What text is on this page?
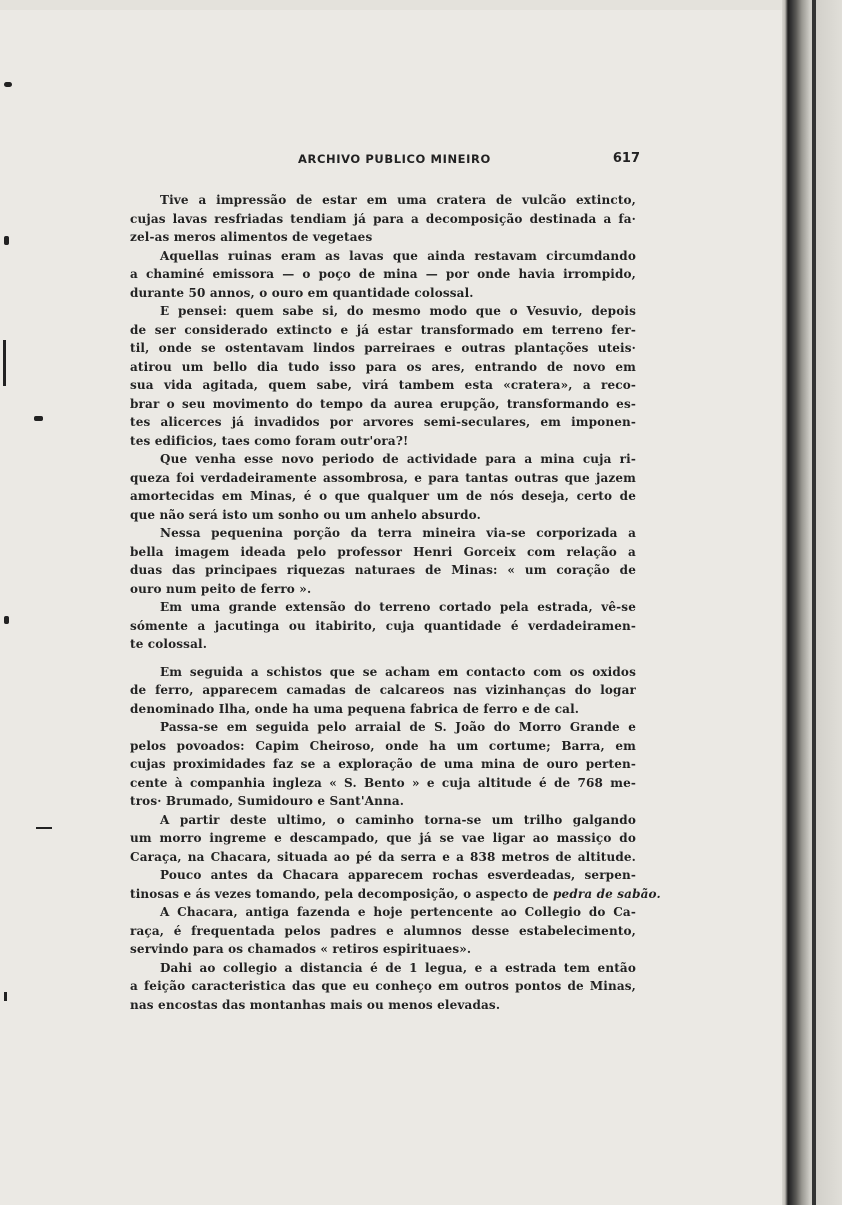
ARCHIVO PUBLICO MINEIRO	617
Tive a impressão de estar em uma cratera de vulcão extincto,
cujas lavas resfriadas tendiam já para a decomposição destinada a fa·
zel-as meros alimentos de vegetaes
Aquellas ruinas eram as lavas que ainda restavam circumdando
a chaminé emissora — o poço de mina — por onde havia irrompido,
durante 50 annos, o ouro em quantidade colossal.
E pensei: quem sabe si, do mesmo modo que o Vesuvio, depois
de ser considerado extincto e já estar transformado em terreno fer-
til, onde se ostentavam lindos parreiraes e outras plantações uteis·
atirou um bello dia tudo isso para os ares, entrando de novo em
sua vida agitada, quem sabe, virá tambem esta «cratera», a reco-
brar o seu movimento do tempo da aurea erupção, transformando es-
tes alicerces já invadidos por arvores semi-seculares, em imponen-
tes edificios, taes como foram outr'ora?!
Que venha esse novo periodo de actividade para a mina cuja ri-
queza foi verdadeiramente assombrosa, e para tantas outras que jazem
amortecidas em Minas, é o que qualquer um de nós deseja, certo de
que não será isto um sonho ou um anhelo absurdo.
Nessa pequenina porção da terra mineira via-se corporizada a
bella imagem ideada pelo professor Henri Gorceix com relação a
duas das principaes riquezas naturaes de Minas: « um coração de
ouro num peito de ferro ».
Em uma grande extensão do terreno cortado pela estrada, vê-se
sómente a jacutinga ou itabirito, cuja quantidade é verdadeiramen-
te colossal.
Em seguida a schistos que se acham em contacto com os oxidos
de ferro, apparecem camadas de calcareos nas vizinhanças do logar
denominado Ilha, onde ha uma pequena fabrica de ferro e de cal.
Passa-se em seguida pelo arraial de S. João do Morro Grande e
pelos povoados: Capim Cheiroso, onde ha um cortume; Barra, em
cujas proximidades faz se a exploração de uma mina de ouro perten-
cente à companhia ingleza « S. Bento » e cuja altitude é de 768 me-
tros· Brumado, Sumidouro e Sant'Anna.
A partir deste ultimo, o caminho torna-se um trilho galgando
um morro ingreme e descampado, que já se vae ligar ao massiço do
Caraça, na Chacara, situada ao pé da serra e a 838 metros de altitude.
Pouco antes da Chacara apparecem rochas esverdeadas, serpen-
tinosas e ás vezes tomando, pela decomposição, o aspecto de pedra de sabão.
A Chacara, antiga fazenda e hoje pertencente ao Collegio do Ca-
raça, é frequentada pelos padres e alumnos desse estabelecimento,
servindo para os chamados « retiros espirituaes».
Dahi ao collegio a distancia é de 1 legua, e a estrada tem então
a feição caracteristica das que eu conheço em outros pontos de Minas,
nas encostas das montanhas mais ou menos elevadas.
